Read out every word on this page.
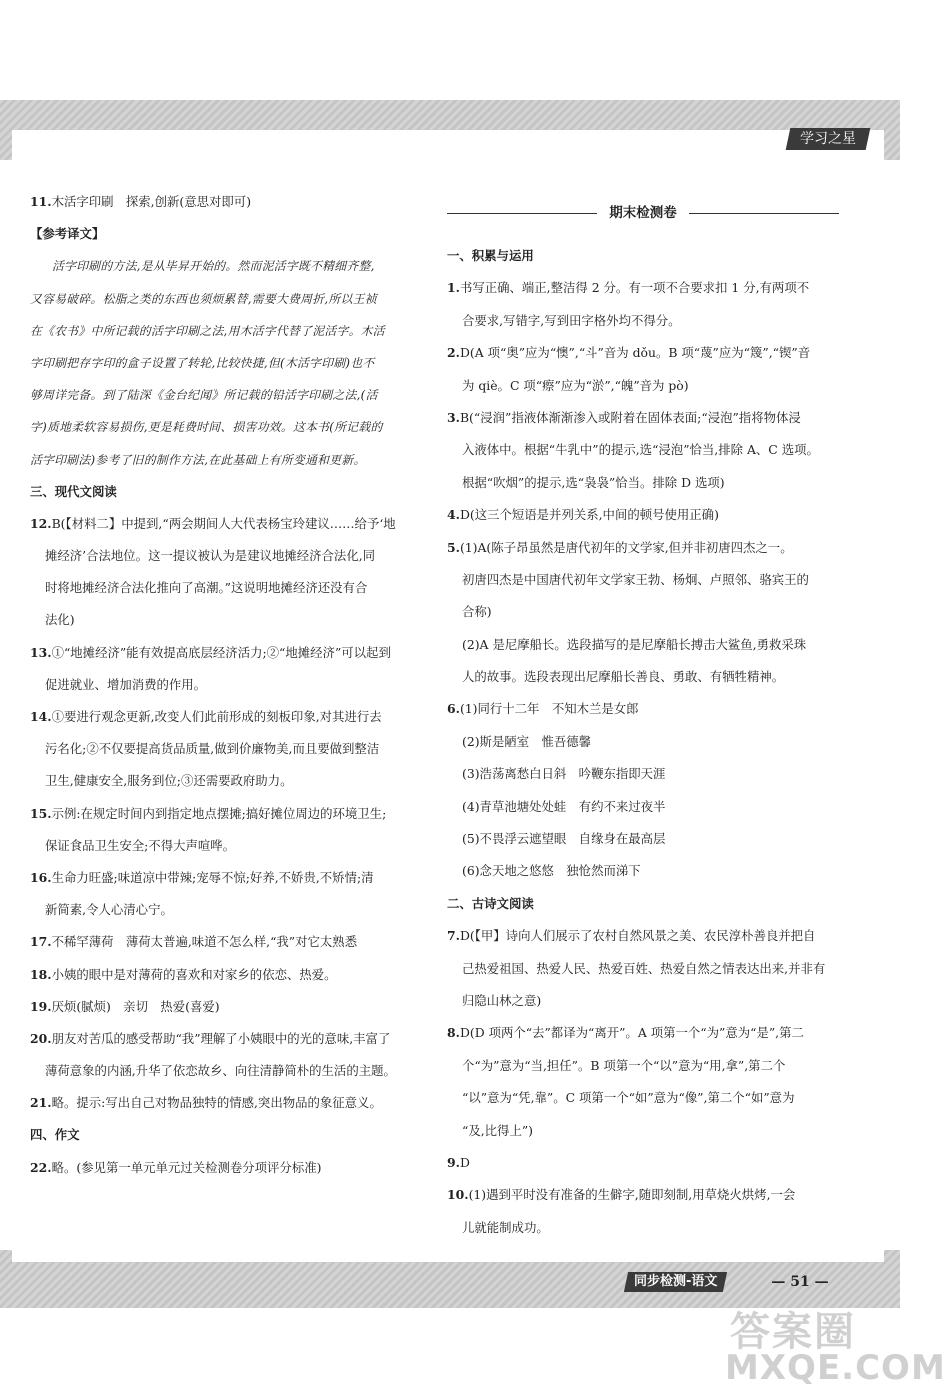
学习之星
11.木活字印刷　探索,创新(意思对即可)
【参考译文】
活字印刷的方法,是从毕昇开始的。然而泥活字既不精细齐整,
又容易破碎。松脂之类的东西也须烦累替,需要大费周折,所以王祯
在《农书》中所记载的活字印刷之法,用木活字代替了泥活字。木活
字印刷把存字印的盒子设置了转轮,比较快捷,但(木活字印刷)也不
够周详完备。到了陆深《金台纪闻》所记载的铅活字印刷之法,(活
字)质地柔软容易损伤,更是耗费时间、损害功效。这本书(所记载的
活字印刷法)参考了旧的制作方法,在此基础上有所变通和更新。
三、现代文阅读
12.B(【材料二】中提到,“两会期间人大代表杨宝玲建议……给予‘地
摊经济’合法地位。这一提议被认为是建议地摊经济合法化,同
时将地摊经济合法化推向了高潮。”这说明地摊经济还没有合
法化)
13.①“地摊经济”能有效提高底层经济活力;②“地摊经济”可以起到
促进就业、增加消费的作用。
14.①要进行观念更新,改变人们此前形成的刻板印象,对其进行去
污名化;②不仅要提高货品质量,做到价廉物美,而且要做到整洁
卫生,健康安全,服务到位;③还需要政府助力。
15.示例:在规定时间内到指定地点摆摊;搞好摊位周边的环境卫生;
保证食品卫生安全;不得大声喧哗。
16.生命力旺盛;味道凉中带辣;宠辱不惊;好养,不娇贵,不矫情;清
新简素,令人心清心宁。
17.不稀罕薄荷　薄荷太普遍,味道不怎么样,“我”对它太熟悉
18.小姨的眼中是对薄荷的喜欢和对家乡的依恋、热爱。
19.厌烦(腻烦)　亲切　热爱(喜爱)
20.朋友对苦瓜的感受帮助“我”理解了小姨眼中的光的意味,丰富了
薄荷意象的内涵,升华了依恋故乡、向往清静简朴的生活的主题。
21.略。提示:写出自己对物品独特的情感,突出物品的象征意义。
四、作文
22.略。(参见第一单元单元过关检测卷分项评分标准)
期末检测卷
一、积累与运用
1.书写正确、端正,整洁得 2 分。有一项不合要求扣 1 分,有两项不
合要求,写错字,写到田字格外均不得分。
2.D(A 项“奥”应为“懊”,“斗”音为 dǒu。B 项“蔑”应为“篾”,“锲”音
为 qiè。C 项“瘵”应为“淤”,“魄”音为 pò)
3.B(“浸润”指液体渐渐渗入或附着在固体表面;“浸泡”指将物体浸
入液体中。根据“牛乳中”的提示,选“浸泡”恰当,排除 A、C 选项。
根据“吹烟”的提示,选“袅袅”恰当。排除 D 选项)
4.D(这三个短语是并列关系,中间的顿号使用正确)
5.(1)A(陈子昂虽然是唐代初年的文学家,但并非初唐四杰之一。
初唐四杰是中国唐代初年文学家王勃、杨炯、卢照邻、骆宾王的
合称)
(2)A 是尼摩船长。选段描写的是尼摩船长搏击大鲨鱼,勇救采珠
人的故事。选段表现出尼摩船长善良、勇敢、有牺牲精神。
6.(1)同行十二年　不知木兰是女郎
(2)斯是陋室　惟吾德馨
(3)浩荡离愁白日斜　吟鞭东指即天涯
(4)青草池塘处处蛙　有约不来过夜半
(5)不畏浮云遮望眼　自缘身在最高层
(6)念天地之悠悠　独怆然而涕下
二、古诗文阅读
7.D(【甲】诗向人们展示了农村自然风景之美、农民淳朴善良并把自
己热爱祖国、热爱人民、热爱百姓、热爱自然之情表达出来,并非有
归隐山林之意)
8.D(D 项两个“去”都译为“离开”。A 项第一个“为”意为“是”,第二
个“为”意为“当,担任”。B 项第一个“以”意为“用,拿”,第二个
“以”意为“凭,靠”。C 项第一个“如”意为“像”,第二个“如”意为
“及,比得上”)
9.D
10.(1)遇到平时没有准备的生僻字,随即刻制,用草烧火烘烤,一会
儿就能制成功。
同步检测-语文	— 51 —
答案圈
MXQE.COM
